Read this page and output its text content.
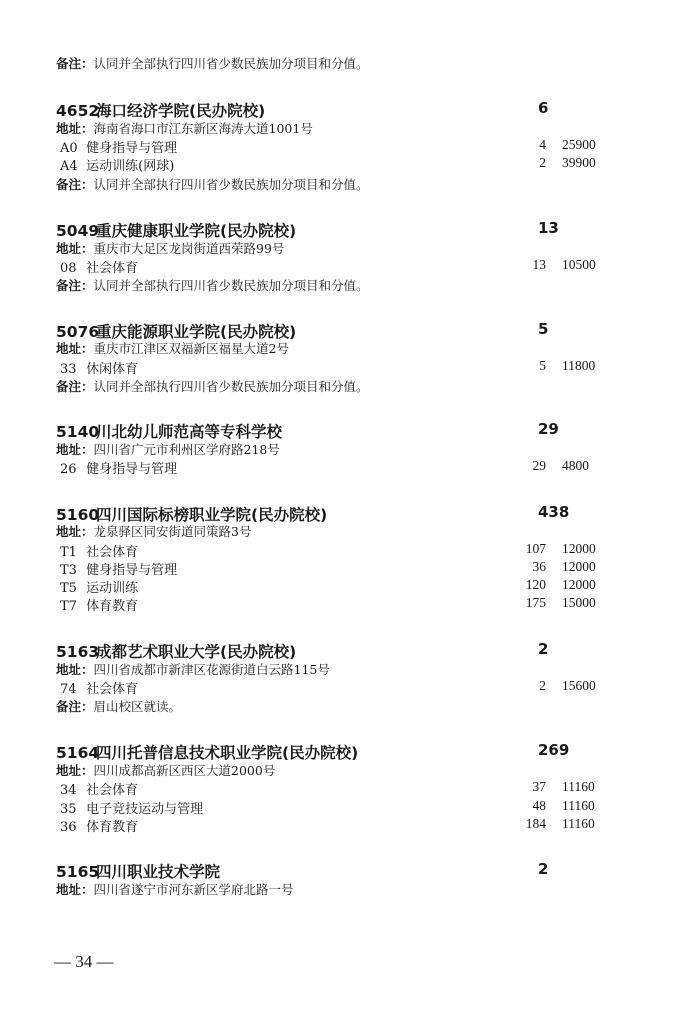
备注：认同并全部执行四川省少数民族加分项目和分值。
4652海口经济学院(民办院校)	6
地址：海南省海口市江东新区海涛大道1001号
A0 健身指导与管理	4 25900
A4 运动训练(网球)	2 39900
备注：认同并全部执行四川省少数民族加分项目和分值。
5049重庆健康职业学院(民办院校)	13
地址：重庆市大足区龙岗街道西荣路99号
08 社会体育	13 10500
备注：认同并全部执行四川省少数民族加分项目和分值。
5076重庆能源职业学院(民办院校)	5
地址：重庆市江津区双福新区福星大道2号
33 休闲体育	5 11800
备注：认同并全部执行四川省少数民族加分项目和分值。
5140川北幼儿师范高等专科学校	29
地址：四川省广元市利州区学府路218号
26 健身指导与管理	29 4800
5160四川国际标榜职业学院(民办院校)	438
地址：龙泉驿区同安街道同策路3号
T1 社会体育	107 12000
T3 健身指导与管理	36 12000
T5 运动训练	120 12000
T7 体育教育	175 15000
5163成都艺术职业大学(民办院校)	2
地址：四川省成都市新津区花源街道白云路115号
74 社会体育	2 15600
备注：眉山校区就读。
5164四川托普信息技术职业学院(民办院校)	269
地址：四川成都高新区西区大道2000号
34 社会体育	37 11160
35 电子竞技运动与管理	48 11160
36 体育教育	184 11160
5165四川职业技术学院	2
地址：四川省遂宁市河东新区学府北路一号
— 34 —
